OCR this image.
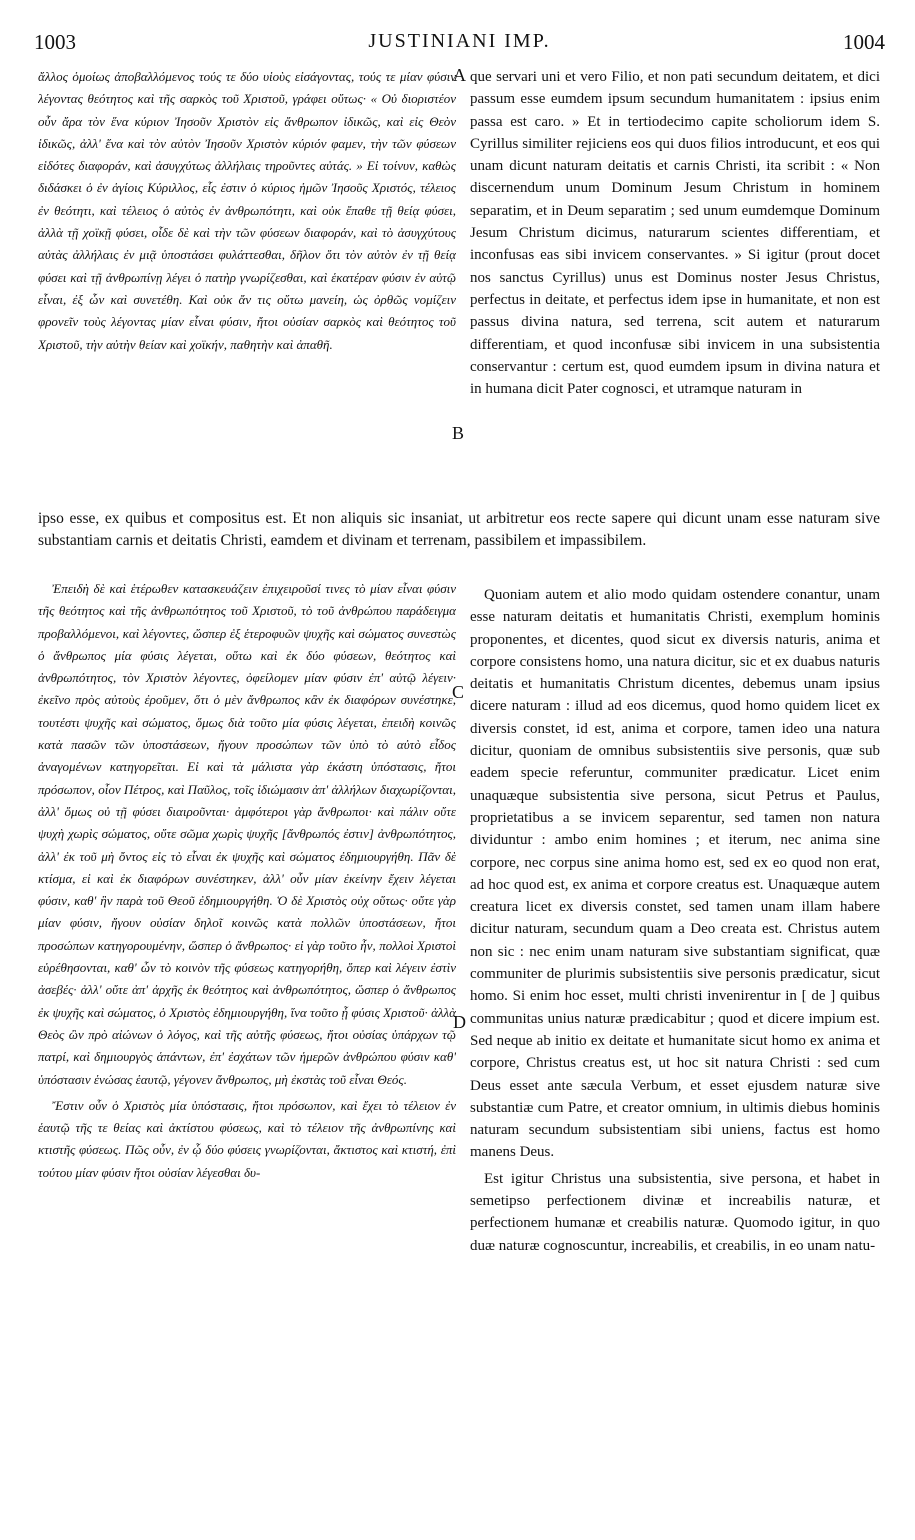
1003	JUSTINIANI IMP.	1004
A
B
C
D

ἄλλος ὁμοίως ἀποβαλλόμενος τούς τε δύο υἱοὺς εἰσάγοντας, τούς τε μίαν φύσιν λέγοντας θεότητος καὶ τῆς σαρκὸς τοῦ Χριστοῦ, γράφει οὕτως· « Οὐ διοριστέον οὖν ἄρα τὸν ἕνα κύριον Ἰησοῦν Χριστὸν εἰς ἄνθρωπον ἰδικῶς, καὶ εἰς Θεὸν ἰδικῶς, ἀλλ' ἕνα καὶ τὸν αὐτὸν Ἰησοῦν Χριστὸν κύριόν φαμεν, τὴν τῶν φύσεων εἰδότες διαφοράν, καὶ ἀσυγχύτως ἀλλήλαις τηροῦντες αὐτάς. » Εἰ τοίνυν, καθὼς διδάσκει ὁ ἐν ἁγίοις Κύριλλος, εἷς ἐστιν ὁ κύριος ἡμῶν Ἰησοῦς Χριστός, τέλειος ἐν θεότητι, καὶ τέλειος ὁ αὐτὸς ἐν ἀνθρωπότητι, καὶ οὐκ ἔπαθε τῇ θείᾳ φύσει, ἀλλὰ τῇ χοϊκῇ φύσει, οἶδε δὲ καὶ τὴν τῶν φύσεων διαφοράν, καὶ τὸ ἀσυγχύτους αὐτὰς ἀλλήλαις ἐν μιᾷ ὑποστάσει φυλάττεσθαι, δῆλον ὅτι τὸν αὐτὸν ἐν τῇ θείᾳ φύσει καὶ τῇ ἀνθρωπίνῃ λέγει ὁ πατὴρ γνωρίζεσθαι, καὶ ἑκατέραν φύσιν ἐν αὐτῷ εἶναι, ἐξ ὧν καὶ συνετέθη. Καὶ οὐκ ἄν τις οὕτω μανείη, ὡς ὀρθῶς νομίζειν φρονεῖν τοὺς λέγοντας μίαν εἶναι φύσιν, ἤτοι οὐσίαν σαρκὸς καὶ θεότητος τοῦ Χριστοῦ, τὴν αὐτὴν θείαν καὶ χοϊκήν, παθητὴν καὶ ἀπαθῆ.

que servari uni et vero Filio, et non pati secundum deitatem, et dici passum esse eumdem ipsum secundum humanitatem : ipsius enim passa est caro. » Et in tertiodecimo capite scholiorum idem S. Cyrillus similiter rejiciens eos qui duos filios introducunt, et eos qui unam dicunt naturam deitatis et carnis Christi, ita scribit : « Non discernendum unum Dominum Jesum Christum in hominem separatim, et in Deum separatim ; sed unum eumdemque Dominum Jesum Christum dicimus, naturarum scientes differentiam, et inconfusas eas sibi invicem conservantes. » Si igitur (prout docet nos sanctus Cyrillus) unus est Dominus noster Jesus Christus, perfectus in deitate, et perfectus idem ipse in humanitate, et non est passus divina natura, sed terrena, scit autem et naturarum differentiam, et quod inconfusæ sibi invicem in una subsistentia conservantur : certum est, quod eumdem ipsum in divina natura et in humana dicit Pater cognosci, et utramque naturam in

ipso esse, ex quibus et compositus est. Et non aliquis sic insaniat, ut arbitretur eos recte sapere qui dicunt unam esse naturam sive substantiam carnis et deitatis Christi, eamdem et divinam et terrenam, passibilem et impassibilem.

Ἐπειδὴ δὲ καὶ ἑτέρωθεν κατασκευάζειν ἐπιχειροῦσί τινες τὸ μίαν εἶναι φύσιν τῆς θεότητος καὶ τῆς ἀνθρωπότητος τοῦ Χριστοῦ, τὸ τοῦ ἀνθρώπου παράδειγμα προβαλλόμενοι, καὶ λέγοντες, ὥσπερ ἐξ ἑτεροφυῶν ψυχῆς καὶ σώματος συνεστὼς ὁ ἄνθρωπος μία φύσις λέγεται, οὕτω καὶ ἐκ δύο φύσεων, θεότητος καὶ ἀνθρωπότητος, τὸν Χριστὸν λέγοντες, ὀφείλομεν μίαν φύσιν ἐπ' αὐτῷ λέγειν· ἐκεῖνο πρὸς αὐτοὺς ἐροῦμεν, ὅτι ὁ μὲν ἄνθρωπος κἂν ἐκ διαφόρων συνέστηκε, τουτέστι ψυχῆς καὶ σώματος, ὅμως διὰ τοῦτο μία φύσις λέγεται, ἐπειδὴ κοινῶς κατὰ πασῶν τῶν ὑποστάσεων, ἤγουν προσώπων τῶν ὑπὸ τὸ αὐτὸ εἶδος ἀναγομένων κατηγορεῖται. Εἰ καὶ τὰ μάλιστα γὰρ ἑκάστη ὑπόστασις, ἤτοι πρόσωπον, οἷον Πέτρος, καὶ Παῦλος, τοῖς ἰδιώμασιν ἀπ' ἀλλήλων διαχωρίζονται, ἀλλ' ὅμως οὐ τῇ φύσει διαιροῦνται· ἀμφότεροι γὰρ ἄνθρωποι· καὶ πάλιν οὔτε ψυχὴ χωρὶς σώματος, οὔτε σῶμα χωρὶς ψυχῆς [ἄνθρωπός ἐστιν] ἀνθρωπότητος, ἀλλ' ἐκ τοῦ μὴ ὄντος εἰς τὸ εἶναι ἐκ ψυχῆς καὶ σώματος ἐδημιουργήθη. Πᾶν δὲ κτίσμα, εἰ καὶ ἐκ διαφόρων συνέστηκεν, ἀλλ' οὖν μίαν ἐκείνην ἔχειν λέγεται φύσιν, καθ' ἣν παρὰ τοῦ Θεοῦ ἐδημιουργήθη. Ὁ δὲ Χριστὸς οὐχ οὕτως· οὔτε γὰρ μίαν φύσιν, ἤγουν οὐσίαν δηλοῖ κοινῶς κατὰ πολλῶν ὑποστάσεων, ἤτοι προσώπων κατηγορουμένην, ὥσπερ ὁ ἄνθρωπος· εἰ γὰρ τοῦτο ἦν, πολλοὶ Χριστοὶ εὑρέθησονται, καθ' ὧν τὸ κοινὸν τῆς φύσεως κατηγορήθη, ὅπερ καὶ λέγειν ἐστὶν ἀσεβές· ἀλλ' οὔτε ἀπ' ἀρχῆς ἐκ θεότητος καὶ ἀνθρωπότητος, ὥσπερ ὁ ἄνθρωπος ἐκ ψυχῆς καὶ σώματος, ὁ Χριστὸς ἐδημιουργήθη, ἵνα τοῦτο ᾖ φύσις Χριστοῦ· ἀλλὰ Θεὸς ὢν πρὸ αἰώνων ὁ λόγος, καὶ τῆς αὐτῆς φύσεως, ἤτοι οὐσίας ὑπάρχων τῷ πατρί, καὶ δημιουργὸς ἁπάντων, ἐπ' ἐσχάτων τῶν ἡμερῶν ἀνθρώπου φύσιν καθ' ὑπόστασιν ἑνώσας ἑαυτῷ, γέγονεν ἄνθρωπος, μὴ ἐκστὰς τοῦ εἶναι Θεός.

Ἔστιν οὖν ὁ Χριστὸς μία ὑπόστασις, ἤτοι πρόσωπον, καὶ ἔχει τὸ τέλειον ἐν ἑαυτῷ τῆς τε θείας καὶ ἀκτίστου φύσεως, καὶ τὸ τέλειον τῆς ἀνθρωπίνης καὶ κτιστῆς φύσεως. Πῶς οὖν, ἐν ᾧ δύο φύσεις γνωρίζονται, ἄκτιστος καὶ κτιστή, ἐπὶ τούτου μίαν φύσιν ἤτοι οὐσίαν λέγεσθαι δυ-

Quoniam autem et alio modo quidam ostendere conantur, unam esse naturam deitatis et humanitatis Christi, exemplum hominis proponentes, et dicentes, quod sicut ex diversis naturis, anima et corpore consistens homo, una natura dicitur, sic et ex duabus naturis deitatis et humanitatis Christum dicentes, debemus unam ipsius dicere naturam : illud ad eos dicemus, quod homo quidem licet ex diversis constet, id est, anima et corpore, tamen ideo una natura dicitur, quoniam de omnibus subsistentiis sive personis, quæ sub eadem specie referuntur, communiter prædicatur. Licet enim unaquæque subsistentia sive persona, sicut Petrus et Paulus, proprietatibus a se invicem separentur, sed tamen non natura dividuntur : ambo enim homines ; et iterum, nec anima sine corpore, nec corpus sine anima homo est, sed ex eo quod non erat, ad hoc quod est, ex anima et corpore creatus est. Unaquæque autem creatura licet ex diversis constet, sed tamen unam illam habere dicitur naturam, secundum quam a Deo creata est. Christus autem non sic : nec enim unam naturam sive substantiam significat, quæ communiter de plurimis subsistentiis sive personis prædicatur, sicut homo. Si enim hoc esset, multi christi invenirentur in [ de ] quibus communitas unius naturæ prædicabitur ; quod et dicere impium est. Sed neque ab initio ex deitate et humanitate sicut homo ex anima et corpore, Christus creatus est, ut hoc sit natura Christi : sed cum Deus esset ante sæcula Verbum, et esset ejusdem naturæ sive substantiæ cum Patre, et creator omnium, in ultimis diebus hominis naturam secundum subsistentiam sibi uniens, factus est homo manens Deus.

Est igitur Christus una subsistentia, sive persona, et habet in semetipso perfectionem divinæ et increabilis naturæ, et perfectionem humanæ et creabilis naturæ. Quomodo igitur, in quo duæ naturæ cognoscuntur, increabilis, et creabilis, in eo unam natu-
